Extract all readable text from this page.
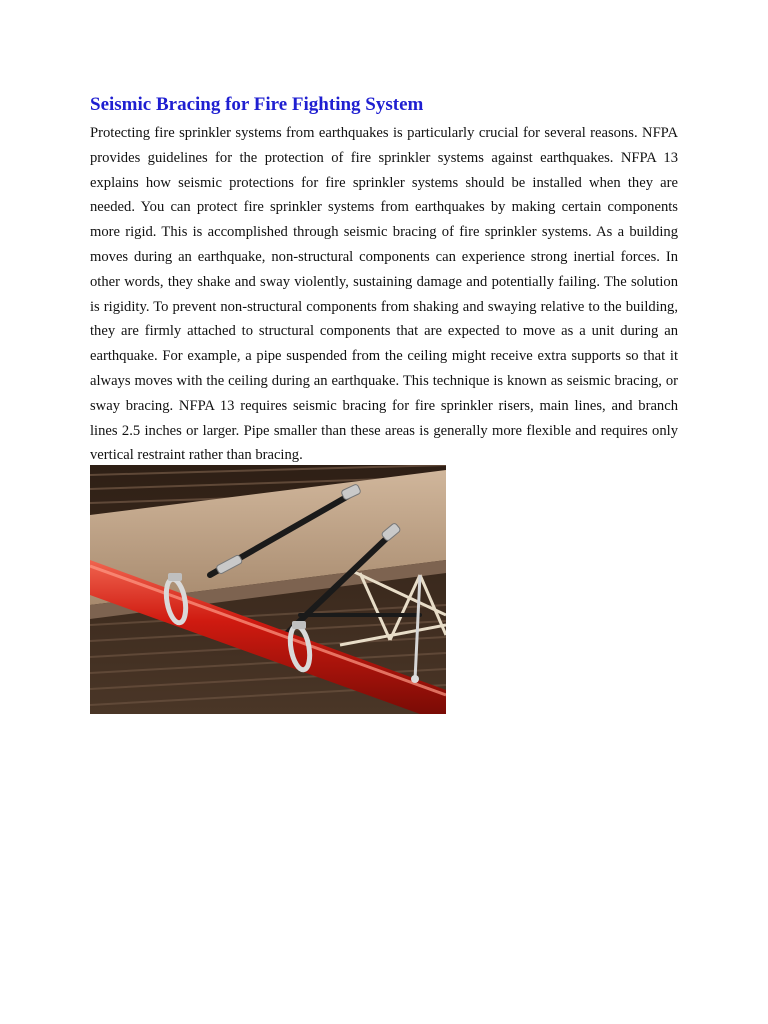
Seismic Bracing for Fire Fighting System

Protecting fire sprinkler systems from earthquakes is particularly crucial for several reasons. NFPA provides guidelines for the protection of fire sprinkler systems against earthquakes. NFPA 13 explains how seismic protections for fire sprinkler systems should be installed when they are needed. You can protect fire sprinkler systems from earthquakes by making certain components more rigid. This is accomplished through seismic bracing of fire sprinkler systems. As a building moves during an earthquake, non-structural components can experience strong inertial forces. In other words, they shake and sway violently, sustaining damage and potentially failing. The solution is rigidity. To prevent non-structural components from shaking and swaying relative to the building, they are firmly attached to structural components that are expected to move as a unit during an earthquake. For example, a pipe suspended from the ceiling might receive extra supports so that it always moves with the ceiling during an earthquake. This technique is known as seismic bracing, or sway bracing. NFPA 13 requires seismic bracing for fire sprinkler risers, main lines, and branch lines 2.5 inches or larger. Pipe smaller than these areas is generally more flexible and requires only vertical restraint rather than bracing.
